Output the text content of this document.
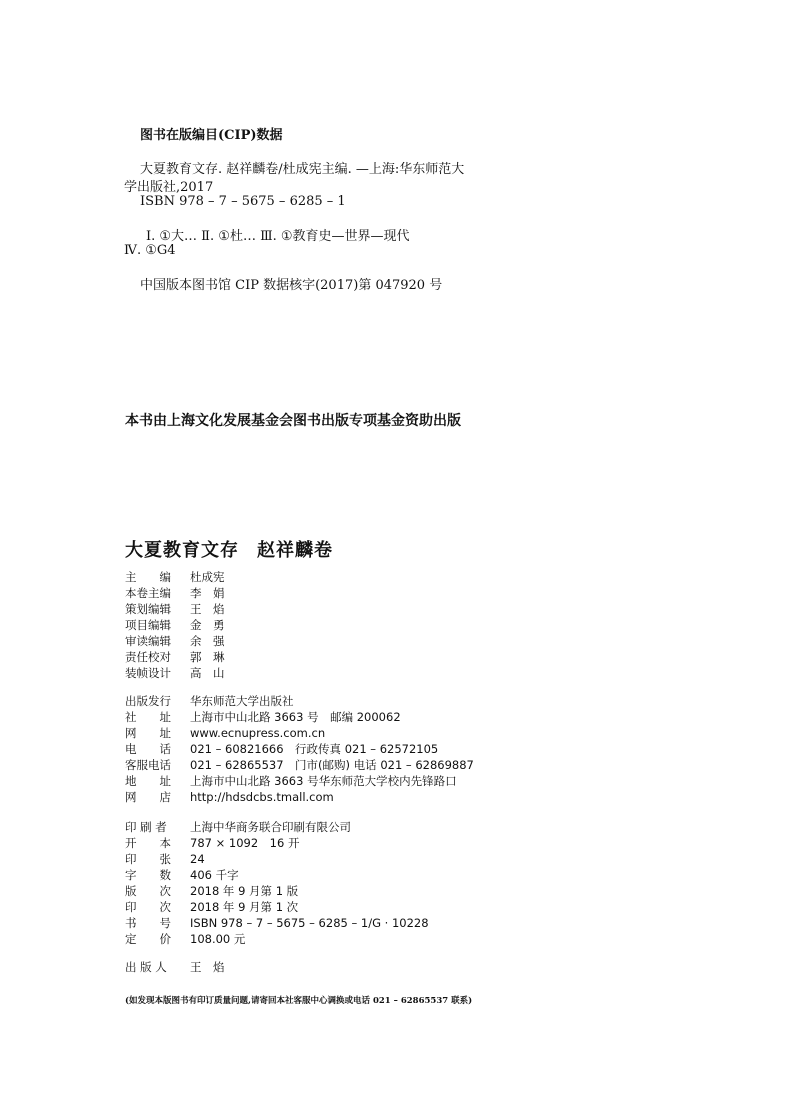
图书在版编目(CIP)数据
大夏教育文存. 赵祥麟卷/杜成宪主编. —上海:华东师范大
学出版社,2017
ISBN 978 – 7 – 5675 – 6285 – 1
Ⅰ. ①大… Ⅱ. ①杜… Ⅲ. ①教育史—世界—现代
Ⅳ. ①G4
中国版本图书馆 CIP 数据核字(2017)第 047920 号
本书由上海文化发展基金会图书出版专项基金资助出版
大夏教育文存 赵祥麟卷
主　　编 杜成宪
本卷主编 李　娟
策划编辑 王　焰
项目编辑 金　勇
审读编辑 余　强
责任校对 郭　琳
装帧设计 高　山
出版发行 华东师范大学出版社
社　　址 上海市中山北路 3663 号　邮编 200062
网　　址 www.ecnupress.com.cn
电　　话 021 – 60821666　行政传真 021 – 62572105
客服电话 021 – 62865537　门市(邮购) 电话 021 – 62869887
地　　址 上海市中山北路 3663 号华东师范大学校内先锋路口
网　　店 http://hdsdcbs.tmall.com
印 刷 者 上海中华商务联合印刷有限公司
开　　本 787 × 1092　16 开
印　　张 24
字　　数 406 千字
版　　次 2018 年 9 月第 1 版
印　　次 2018 年 9 月第 1 次
书　　号 ISBN 978 – 7 – 5675 – 6285 – 1/G · 10228
定　　价 108.00 元
出 版 人 王　焰
(如发现本版图书有印订质量问题,请寄回本社客服中心调换或电话 021 – 62865537 联系)
